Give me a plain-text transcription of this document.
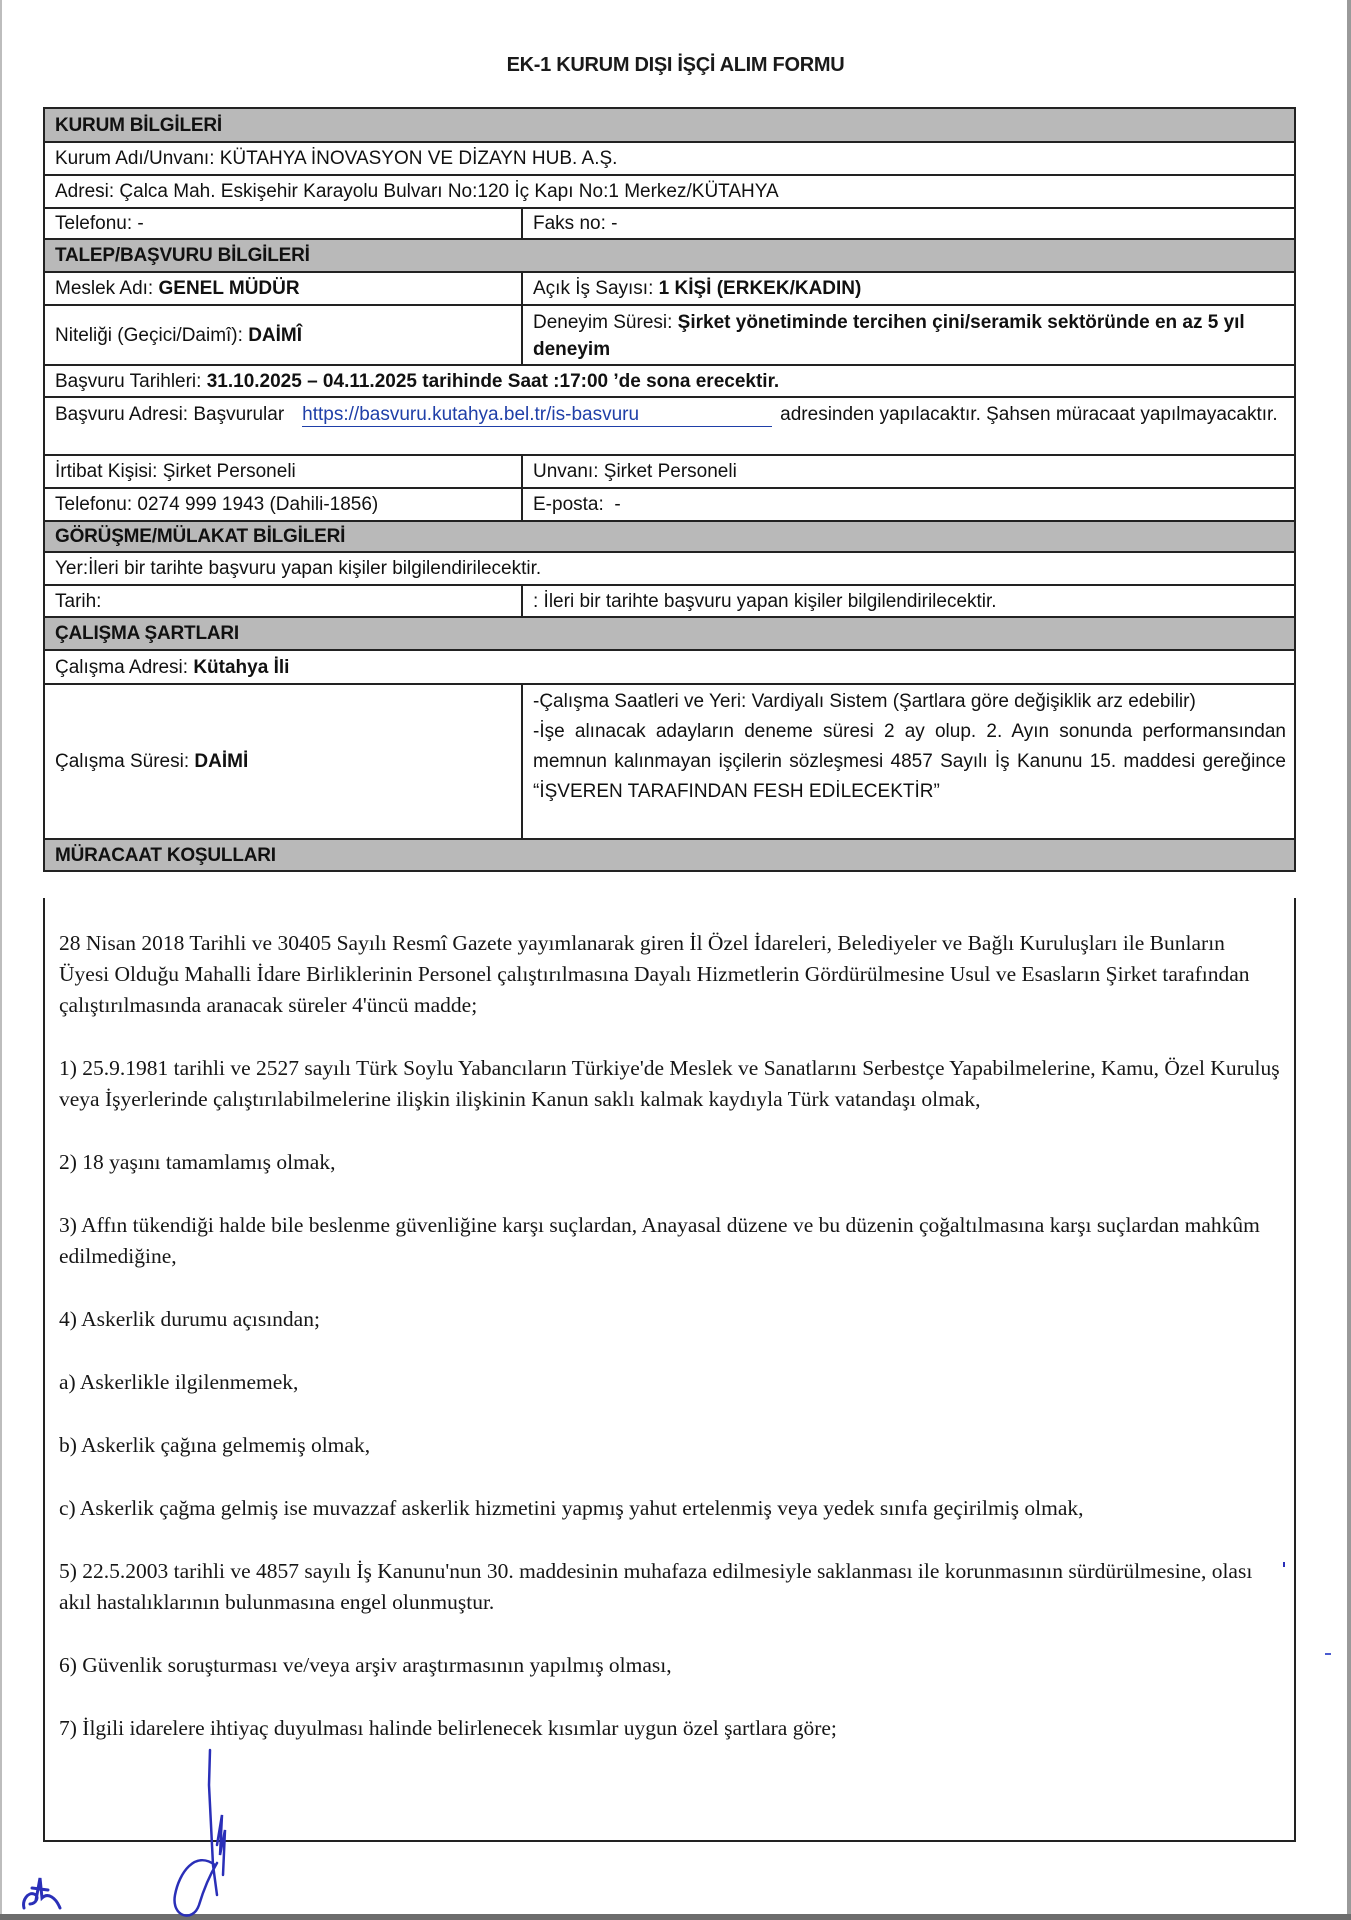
EK-1 KURUM DIŞI İŞÇİ ALIM FORMU
KURUM BİLGİLERİ
Kurum Adı/Unvanı:
KÜTAHYA İNOVASYON VE DİZAYN HUB. A.Ş.
Adresi:
Çalca Mah. Eskişehir Karayolu Bulvarı No:120 İç Kapı No:1 Merkez/KÜTAHYA
Telefonu:
-	Faks no:
-
TALEP/BAŞVURU BİLGİLERİ
Meslek Adı:
GENEL MÜDÜR	Açık İş Sayısı:
1 KİŞİ (ERKEK/KADIN)
Niteliği (Geçici/Daimî):
DAİMÎ
Deneyim Süresi: Şirket yönetiminde tercihen çini/seramik sektöründe en az 5 yıl deneyim
Başvuru Tarihleri:
31.10.2025 – 04.11.2025 tarihinde Saat :17:00 ’de sona erecektir.
Başvuru Adresi: Başvurular https://basvuru.kutahya.bel.tr/is-basvuru	adresinden yapılacaktır. Şahsen müracaat yapılmayacaktır.
İrtibat Kişisi:
Şirket Personeli	Unvanı:
Şirket Personeli
Telefonu:
0274 999 1943 (Dahili-1856)	E-posta:
-
GÖRÜŞME/MÜLAKAT BİLGİLERİ
Yer: İleri bir tarihte başvuru yapan kişiler bilgilendirilecektir.
Tarih:	: İleri bir tarihte başvuru yapan kişiler bilgilendirilecektir.
ÇALIŞMA ŞARTLARI
Çalışma Adresi:
Kütahya İli
Çalışma Süresi:
DAİMİ
-Çalışma Saatleri ve Yeri: Vardiyalı Sistem (Şartlara göre değişiklik arz edebilir)
-İşe alınacak adayların deneme süresi 2 ay olup. 2. Ayın sonunda performansından memnun kalınmayan işçilerin sözleşmesi 4857 Sayılı İş Kanunu 15. maddesi gereğince “İŞVEREN TARAFINDAN FESH EDİLECEKTİR”
MÜRACAAT KOŞULLARI

28 Nisan 2018 Tarihli ve 30405 Sayılı Resmî Gazete yayımlanarak giren İl Özel İdareleri, Belediyeler ve Bağlı Kuruluşları ile Bunların Üyesi Olduğu Mahalli İdare Birliklerinin Personel çalıştırılmasına Dayalı Hizmetlerin Gördürülmesine Usul ve Esasların Şirket tarafından çalıştırılmasında aranacak süreler 4'üncü madde;

1) 25.9.1981 tarihli ve 2527 sayılı Türk Soylu Yabancıların Türkiye'de Meslek ve Sanatlarını Serbestçe Yapabilmelerine, Kamu, Özel Kuruluş veya İşyerlerinde çalıştırılabilmelerine ilişkin ilişkinin Kanun saklı kalmak kaydıyla Türk vatandaşı olmak,

2) 18 yaşını tamamlamış olmak,

3) Affın tükendiği halde bile beslenme güvenliğine karşı suçlardan, Anayasal düzene ve bu düzenin çoğaltılmasına karşı suçlardan mahkûm edilmediğine,

4) Askerlik durumu açısından;

a) Askerlikle ilgilenmemek,

b) Askerlik çağına gelmemiş olmak,

c) Askerlik çağma gelmiş ise muvazzaf askerlik hizmetini yapmış yahut ertelenmiş veya yedek sınıfa geçirilmiş olmak,

5) 22.5.2003 tarihli ve 4857 sayılı İş Kanunu'nun 30. maddesinin muhafaza edilmesiyle saklanması ile korunmasının sürdürülmesine, olası akıl hastalıklarının bulunmasına engel olunmuştur.

6) Güvenlik soruşturması ve/veya arşiv araştırmasının yapılmış olması,

7) İlgili idarelere ihtiyaç duyulması halinde belirlenecek kısımlar uygun özel şartlara göre;
